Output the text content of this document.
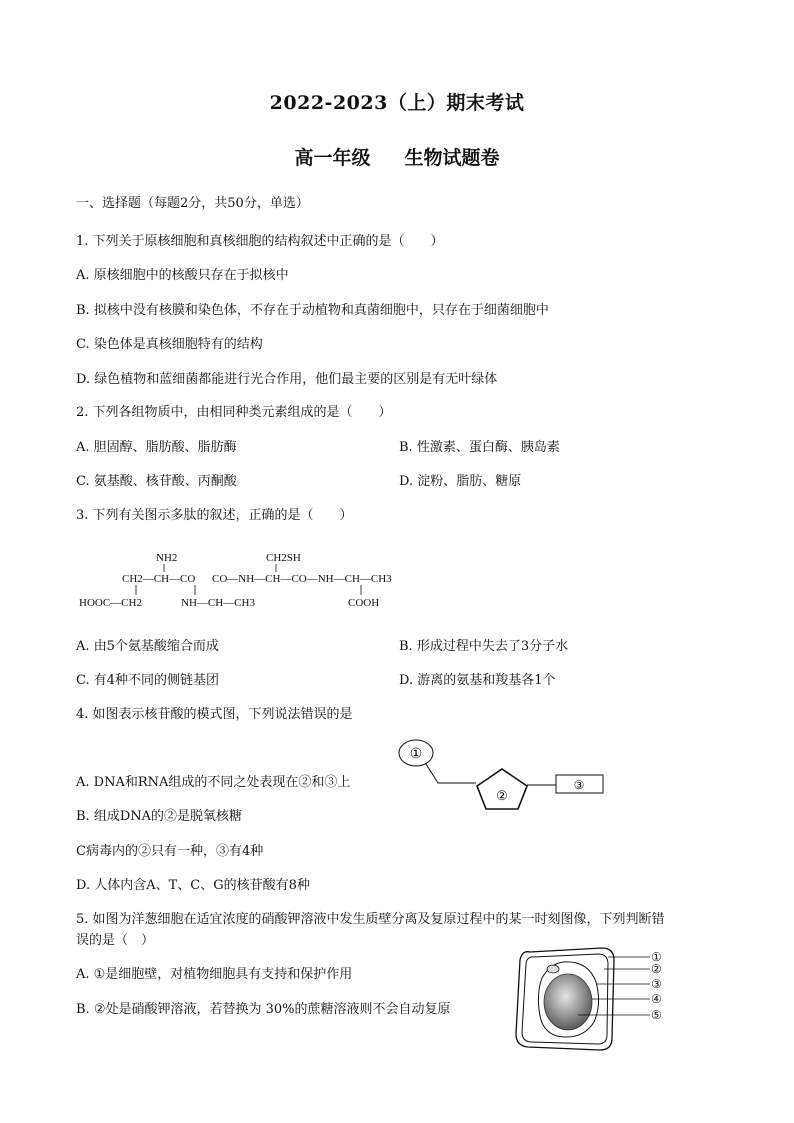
2022-2023（上）期末考试
高一年级 生物试题卷
一、选择题（每题2分，共50分，单选）
1. 下列关于原核细胞和真核细胞的结构叙述中正确的是（　　）
A. 原核细胞中的核酸只存在于拟核中
B. 拟核中没有核膜和染色体，不存在于动植物和真菌细胞中，只存在于细菌细胞中
C. 染色体是真核细胞特有的结构
D. 绿色植物和蓝细菌都能进行光合作用，他们最主要的区别是有无叶绿体
2. 下列各组物质中，由相同种类元素组成的是（　　）
A. 胆固醇、脂肪酸、脂肪酶	B. 性激素、蛋白酶、胰岛素
C. 氨基酸、核苷酸、丙酮酸	D. 淀粉、脂肪、糖原
3. 下列有关图示多肽的叙述，正确的是（　　）
NH2	CH2SH
CH2—CH—CO CO—NH—CH—CO—NH—CH—CH3
HOOC—CH2	NH—CH—CH3	COOH
A. 由5个氨基酸缩合而成	B. 形成过程中失去了3分子水
C. 有4种不同的侧链基团	D. 游离的氨基和羧基各1个
4. 如图表示核苷酸的模式图，下列说法错误的是
①
②
③
A. DNA和RNA组成的不同之处表现在②和③上
B. 组成DNA的②是脱氧核糖
C病毒内的②只有一种，③有4种
D. 人体内含A、T、C、G的核苷酸有8种
5. 如图为洋葱细胞在适宜浓度的硝酸钾溶液中发生质壁分离及复原过程中的某一时刻图像，下列判断错
误的是（　）
A. ①是细胞壁，对植物细胞具有支持和保护作用
B. ②处是硝酸钾溶液，若替换为 30%的蔗糖溶液则不会自动复原
①
②
③
④
⑤
